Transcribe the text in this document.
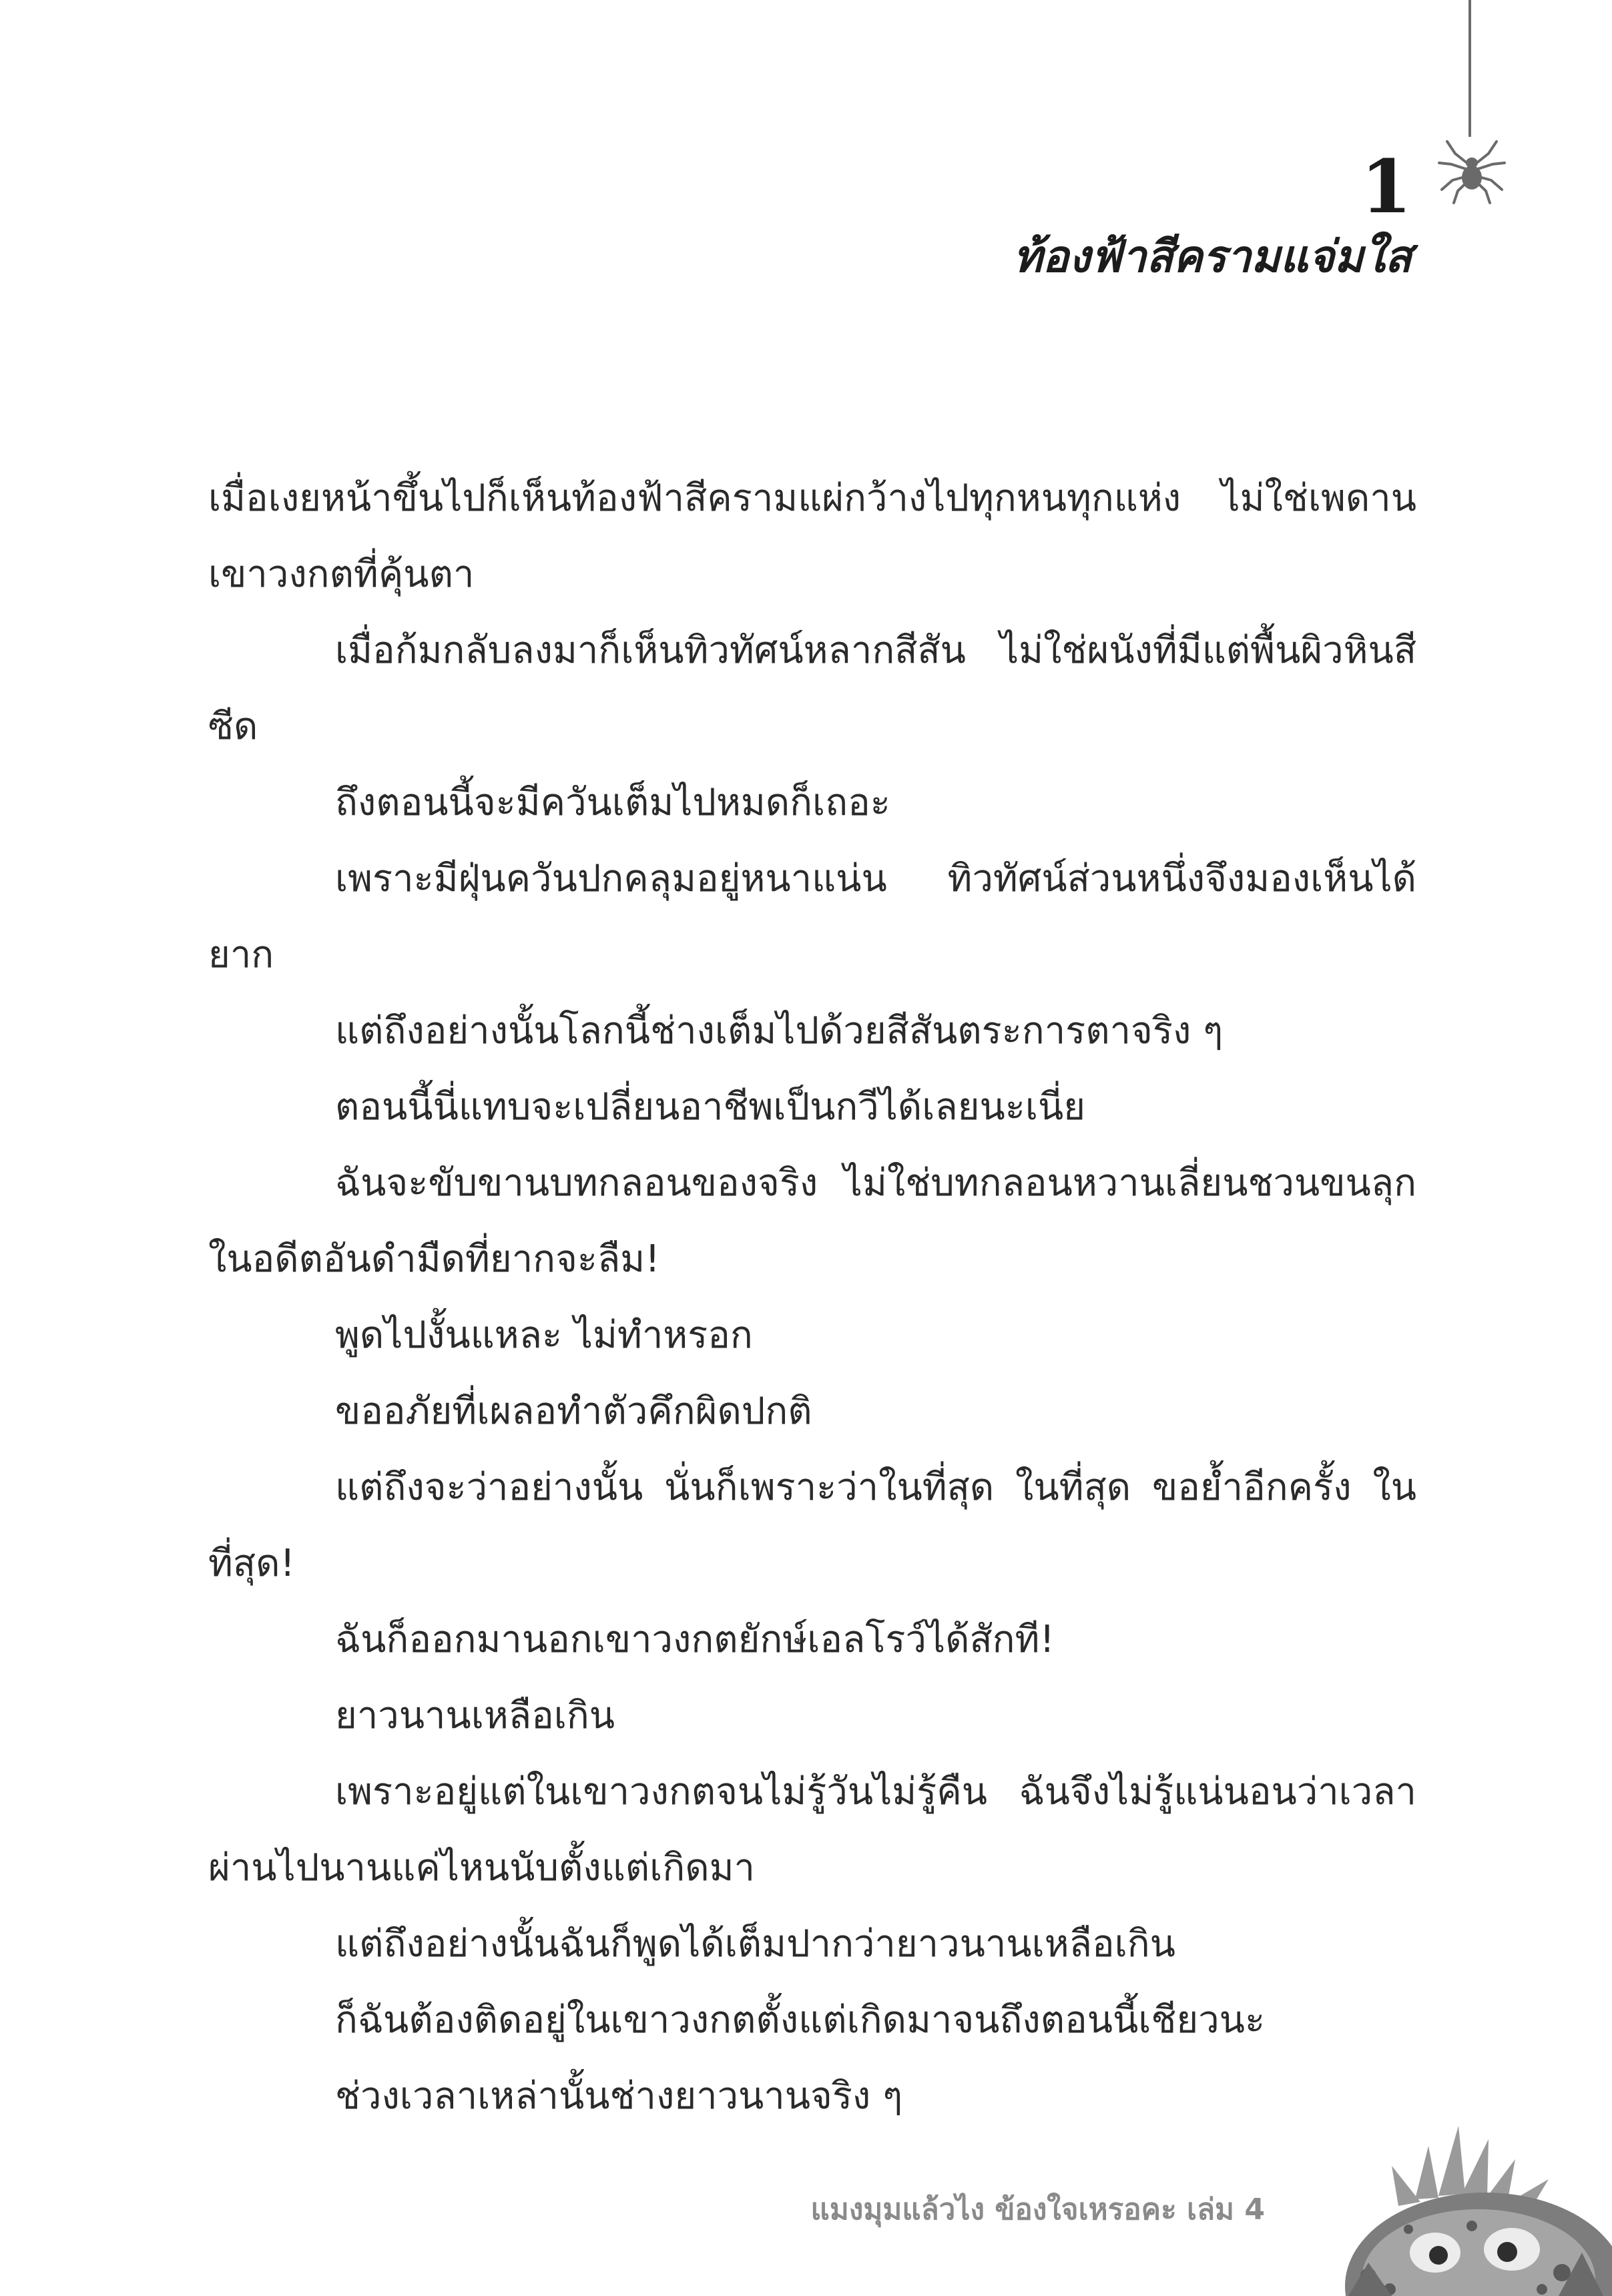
1
ท้องฟ้าสีครามแจ่มใส

เมื่อเงยหน้าขึ้นไปก็เห็นท้องฟ้าสีครามแผ่กว้างไปทุกหนทุกแห่ง ไม่ใช่เพดานเขาวงกตที่คุ้นตา

เมื่อก้มกลับลงมาก็เห็นทิวทัศน์หลากสีสัน ไม่ใช่ผนังที่มีแต่พื้นผิวหินสีซีด

ถึงตอนนี้จะมีควันเต็มไปหมดก็เถอะ

เพราะมีฝุ่นควันปกคลุมอยู่หนาแน่น ทิวทัศน์ส่วนหนึ่งจึงมองเห็นได้ยาก

แต่ถึงอย่างนั้นโลกนี้ช่างเต็มไปด้วยสีสันตระการตาจริง ๆ

ตอนนี้นี่แทบจะเปลี่ยนอาชีพเป็นกวีได้เลยนะเนี่ย

ฉันจะขับขานบทกลอนของจริง ไม่ใช่บทกลอนหวานเลี่ยนชวนขนลุกในอดีตอันดำมืดที่ยากจะลืม!

พูดไปงั้นแหละ ไม่ทำหรอก

ขออภัยที่เผลอทำตัวคึกผิดปกติ

แต่ถึงจะว่าอย่างนั้น นั่นก็เพราะว่าในที่สุด ในที่สุด ขอย้ำอีกครั้ง ในที่สุด!

ฉันก็ออกมานอกเขาวงกตยักษ์เอลโรว์ได้สักที!

ยาวนานเหลือเกิน

เพราะอยู่แต่ในเขาวงกตจนไม่รู้วันไม่รู้คืน ฉันจึงไม่รู้แน่นอนว่าเวลาผ่านไปนานแค่ไหนนับตั้งแต่เกิดมา

แต่ถึงอย่างนั้นฉันก็พูดได้เต็มปากว่ายาวนานเหลือเกิน

ก็ฉันต้องติดอยู่ในเขาวงกตตั้งแต่เกิดมาจนถึงตอนนี้เชียวนะ

ช่วงเวลาเหล่านั้นช่างยาวนานจริง ๆ

แมงมุมแล้วไง ข้องใจเหรอคะ เล่ม 4
